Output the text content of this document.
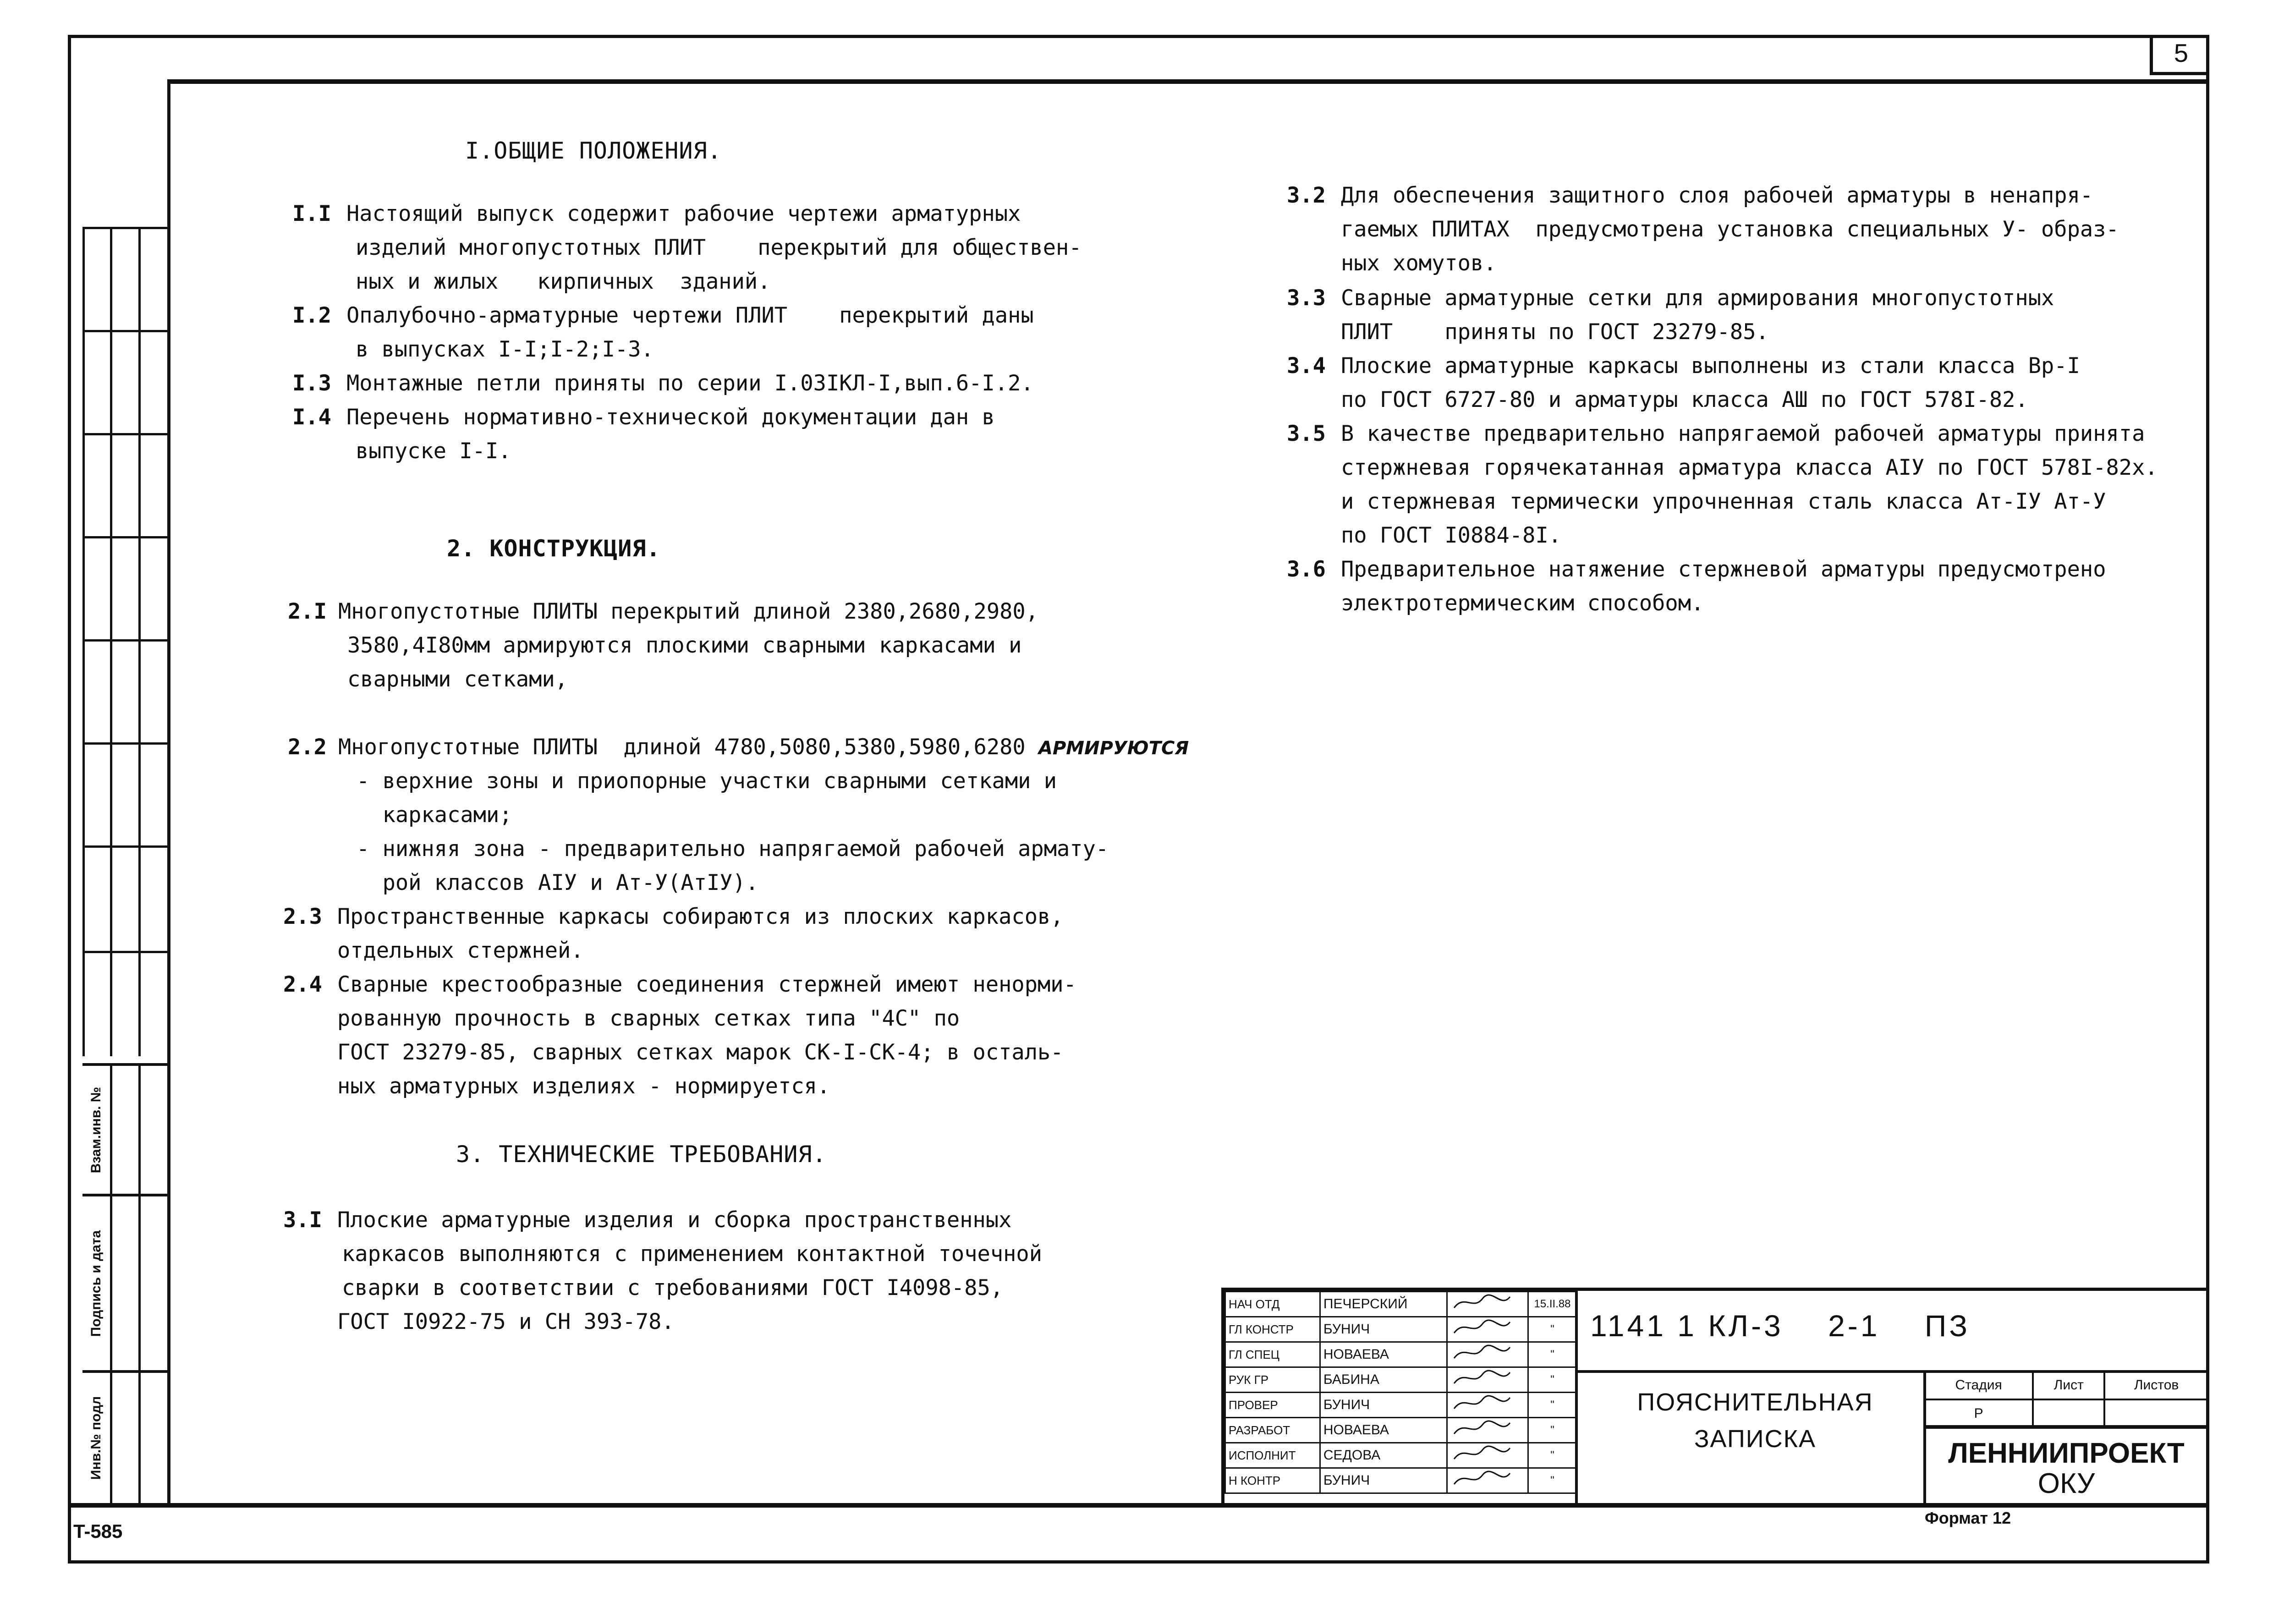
5
Взам.инв. №
Подпись и дата
Инв.№ подл
T-585
I.ОБЩИЕ ПОЛОЖЕНИЯ.
I.I Настоящий выпуск содержит рабочие чертежи арматурных
изделий многопустотных ПЛИТ    перекрытий для обществен-
ных и жилых   кирпичных  зданий.
I.2 Опалубочно-арматурные чертежи ПЛИТ    перекрытий даны
в выпусках I-I;I-2;I-3.
I.3 Монтажные петли приняты по серии I.03IКЛ-I,вып.6-I.2.
I.4 Перечень нормативно-технической документации дан в
выпуске I-I.
2. КОНСТРУКЦИЯ.
2.I Многопустотные ПЛИТЫ перекрытий длиной 2380,2680,2980,
3580,4I80мм армируются плоскими сварными каркасами и
сварными сетками,
2.2 Многопустотные ПЛИТЫ  длиной 4780,5080,5380,5980,6280 АРМИРУЮТСЯ
- верхние зоны и приопорные участки сварными сетками и
каркасами;
- нижняя зона - предварительно напрягаемой рабочей армату-
рой классов АIУ и Ат-У(АтIУ).
2.3 Пространственные каркасы собираются из плоских каркасов,
отдельных стержней.
2.4 Сварные крестообразные соединения стержней имеют ненорми-
рованную прочность в сварных сетках типа "4С" по
ГОСТ 23279-85, сварных сетках марок СК-I-СК-4; в осталь-
ных арматурных изделиях - нормируется.
3. ТЕХНИЧЕСКИЕ ТРЕБОВАНИЯ.
3.I Плоские арматурные изделия и сборка пространственных
каркасов выполняются с применением контактной точечной
сварки в соответствии с требованиями ГОСТ I4098-85,
ГОСТ I0922-75 и СН 393-78.
3.2 Для обеспечения защитного слоя рабочей арматуры в ненапря-
гаемых ПЛИТАХ  предусмотрена установка специальных У- образ-
ных хомутов.
3.3 Сварные арматурные сетки для армирования многопустотных
ПЛИТ    приняты по ГОСТ 23279-85.
3.4 Плоские арматурные каркасы выполнены из стали класса Вр-I
по ГОСТ 6727-80 и арматуры класса АШ по ГОСТ 578I-82.
3.5 В качестве предварительно напрягаемой рабочей арматуры принята
стержневая горячекатанная арматура класса АIУ по ГОСТ 578I-82х.
и стержневая термически упрочненная сталь класса Ат-IУ Ат-У
по ГОСТ I0884-8I.
3.6 Предварительное натяжение стержневой арматуры предусмотрено
электротермическим способом.
НАЧ ОТД	ПЕЧЕРСКИЙ		15.II.88
ГЛ КОНСТР	БУНИЧ		"
ГЛ СПЕЦ	НОВАЕВА		"
РУК ГР	БАБИНА		"
ПРОВЕР	БУНИЧ		"
РАЗРАБОТ	НОВАЕВА		"
ИСПОЛНИТ	СЕДОВА		"
Н КОНТР	БУНИЧ		"
1141 1 КЛ-3    2-1    ПЗ
ПОЯСНИТЕЛЬНАЯ
ЗАПИСКА
Стадия	Лист	Листов
Р		
ЛЕННИИПРОЕКТ
ОКУ
Формат 12
